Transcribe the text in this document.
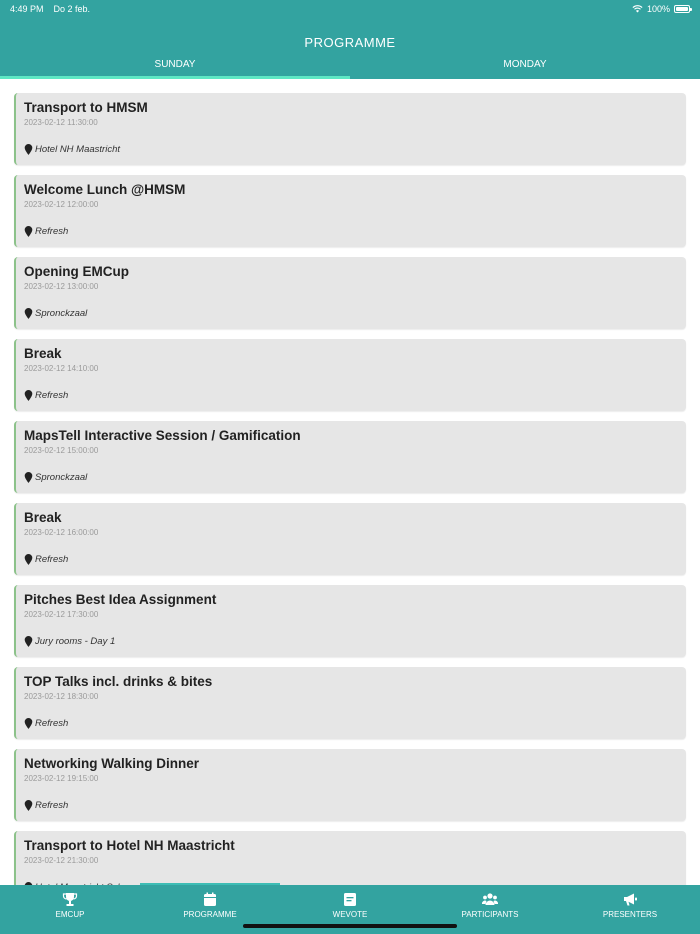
4:49 PM Do 2 feb.	100%
PROGRAMME
SUNDAY	MONDAY
Transport to HMSM
2023-02-12 11:30:00
Hotel NH Maastricht
Welcome Lunch @HMSM
2023-02-12 12:00:00
Refresh
Opening EMCup
2023-02-12 13:00:00
Spronckzaal
Break
2023-02-12 14:10:00
Refresh
MapsTell Interactive Session / Gamification
2023-02-12 15:00:00
Spronckzaal
Break
2023-02-12 16:00:00
Refresh
Pitches Best Idea Assignment
2023-02-12 17:30:00
Jury rooms - Day 1
TOP Talks incl. drinks & bites
2023-02-12 18:30:00
Refresh
Networking Walking Dinner
2023-02-12 19:15:00
Refresh
Transport to Hotel NH Maastricht
2023-02-12 21:30:00
EMCUP	PROGRAMME	WEVOTE	PARTICIPANTS	PRESENTERS
